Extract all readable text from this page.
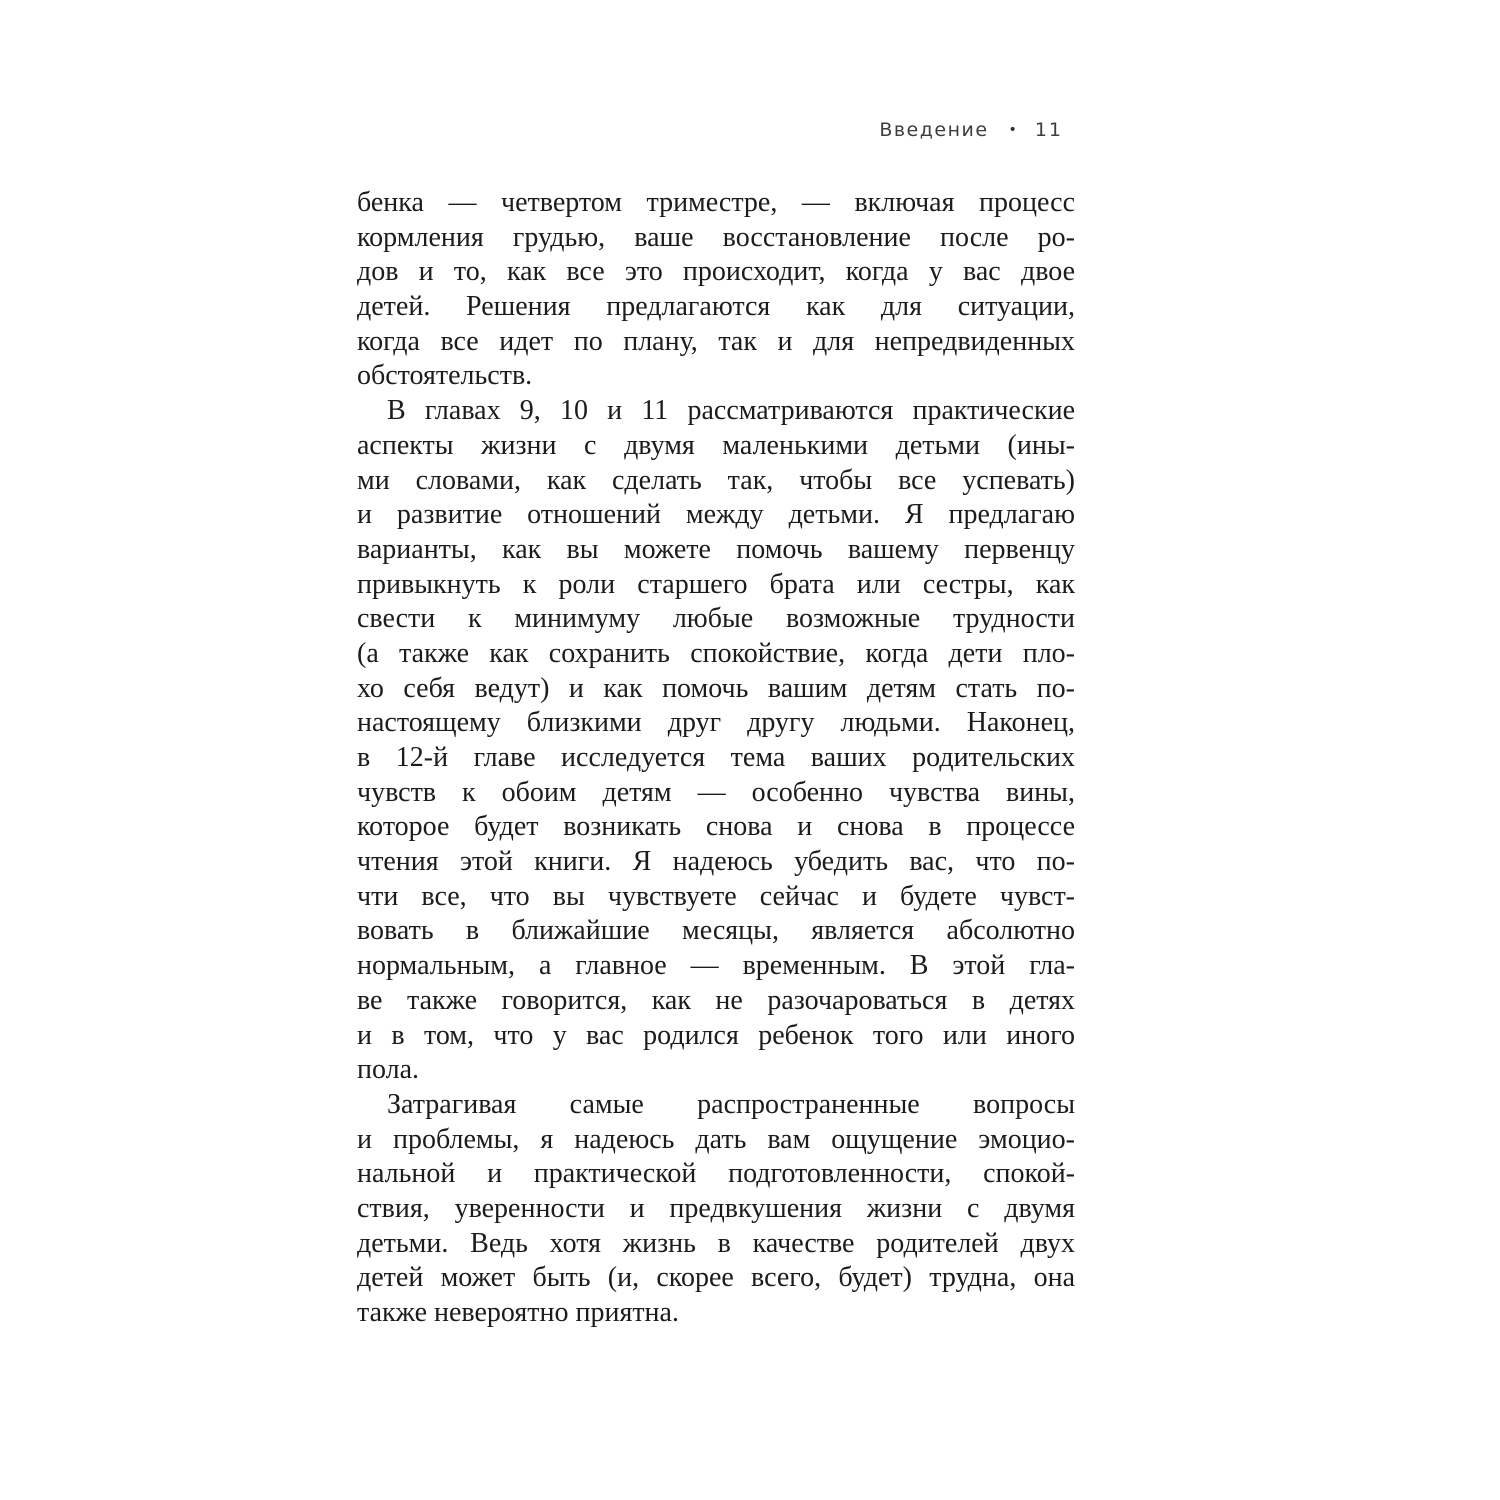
Введение • 11
бенка — четвертом триместре, — включая процесс
кормления грудью, ваше восстановление после ро-
дов и то, как все это происходит, когда у вас двое
детей. Решения предлагаются как для ситуации,
когда все идет по плану, так и для непредвиденных
обстоятельств.
В главах 9, 10 и 11 рассматриваются практические
аспекты жизни с двумя маленькими детьми (ины-
ми словами, как сделать так, чтобы все успевать)
и развитие отношений между детьми. Я предлагаю
варианты, как вы можете помочь вашему первенцу
привыкнуть к роли старшего брата или сестры, как
свести к минимуму любые возможные трудности
(а также как сохранить спокойствие, когда дети пло-
хо себя ведут) и как помочь вашим детям стать по-
настоящему близкими друг другу людьми. Наконец,
в 12-й главе исследуется тема ваших родительских
чувств к обоим детям — особенно чувства вины,
которое будет возникать снова и снова в процессе
чтения этой книги. Я надеюсь убедить вас, что по-
чти все, что вы чувствуете сейчас и будете чувст-
вовать в ближайшие месяцы, является абсолютно
нормальным, а главное — временным. В этой гла-
ве также говорится, как не разочароваться в детях
и в том, что у вас родился ребенок того или иного
пола.
Затрагивая самые распространенные вопросы
и проблемы, я надеюсь дать вам ощущение эмоцио-
нальной и практической подготовленности, спокой-
ствия, уверенности и предвкушения жизни с двумя
детьми. Ведь хотя жизнь в качестве родителей двух
детей может быть (и, скорее всего, будет) трудна, она
также невероятно приятна.
